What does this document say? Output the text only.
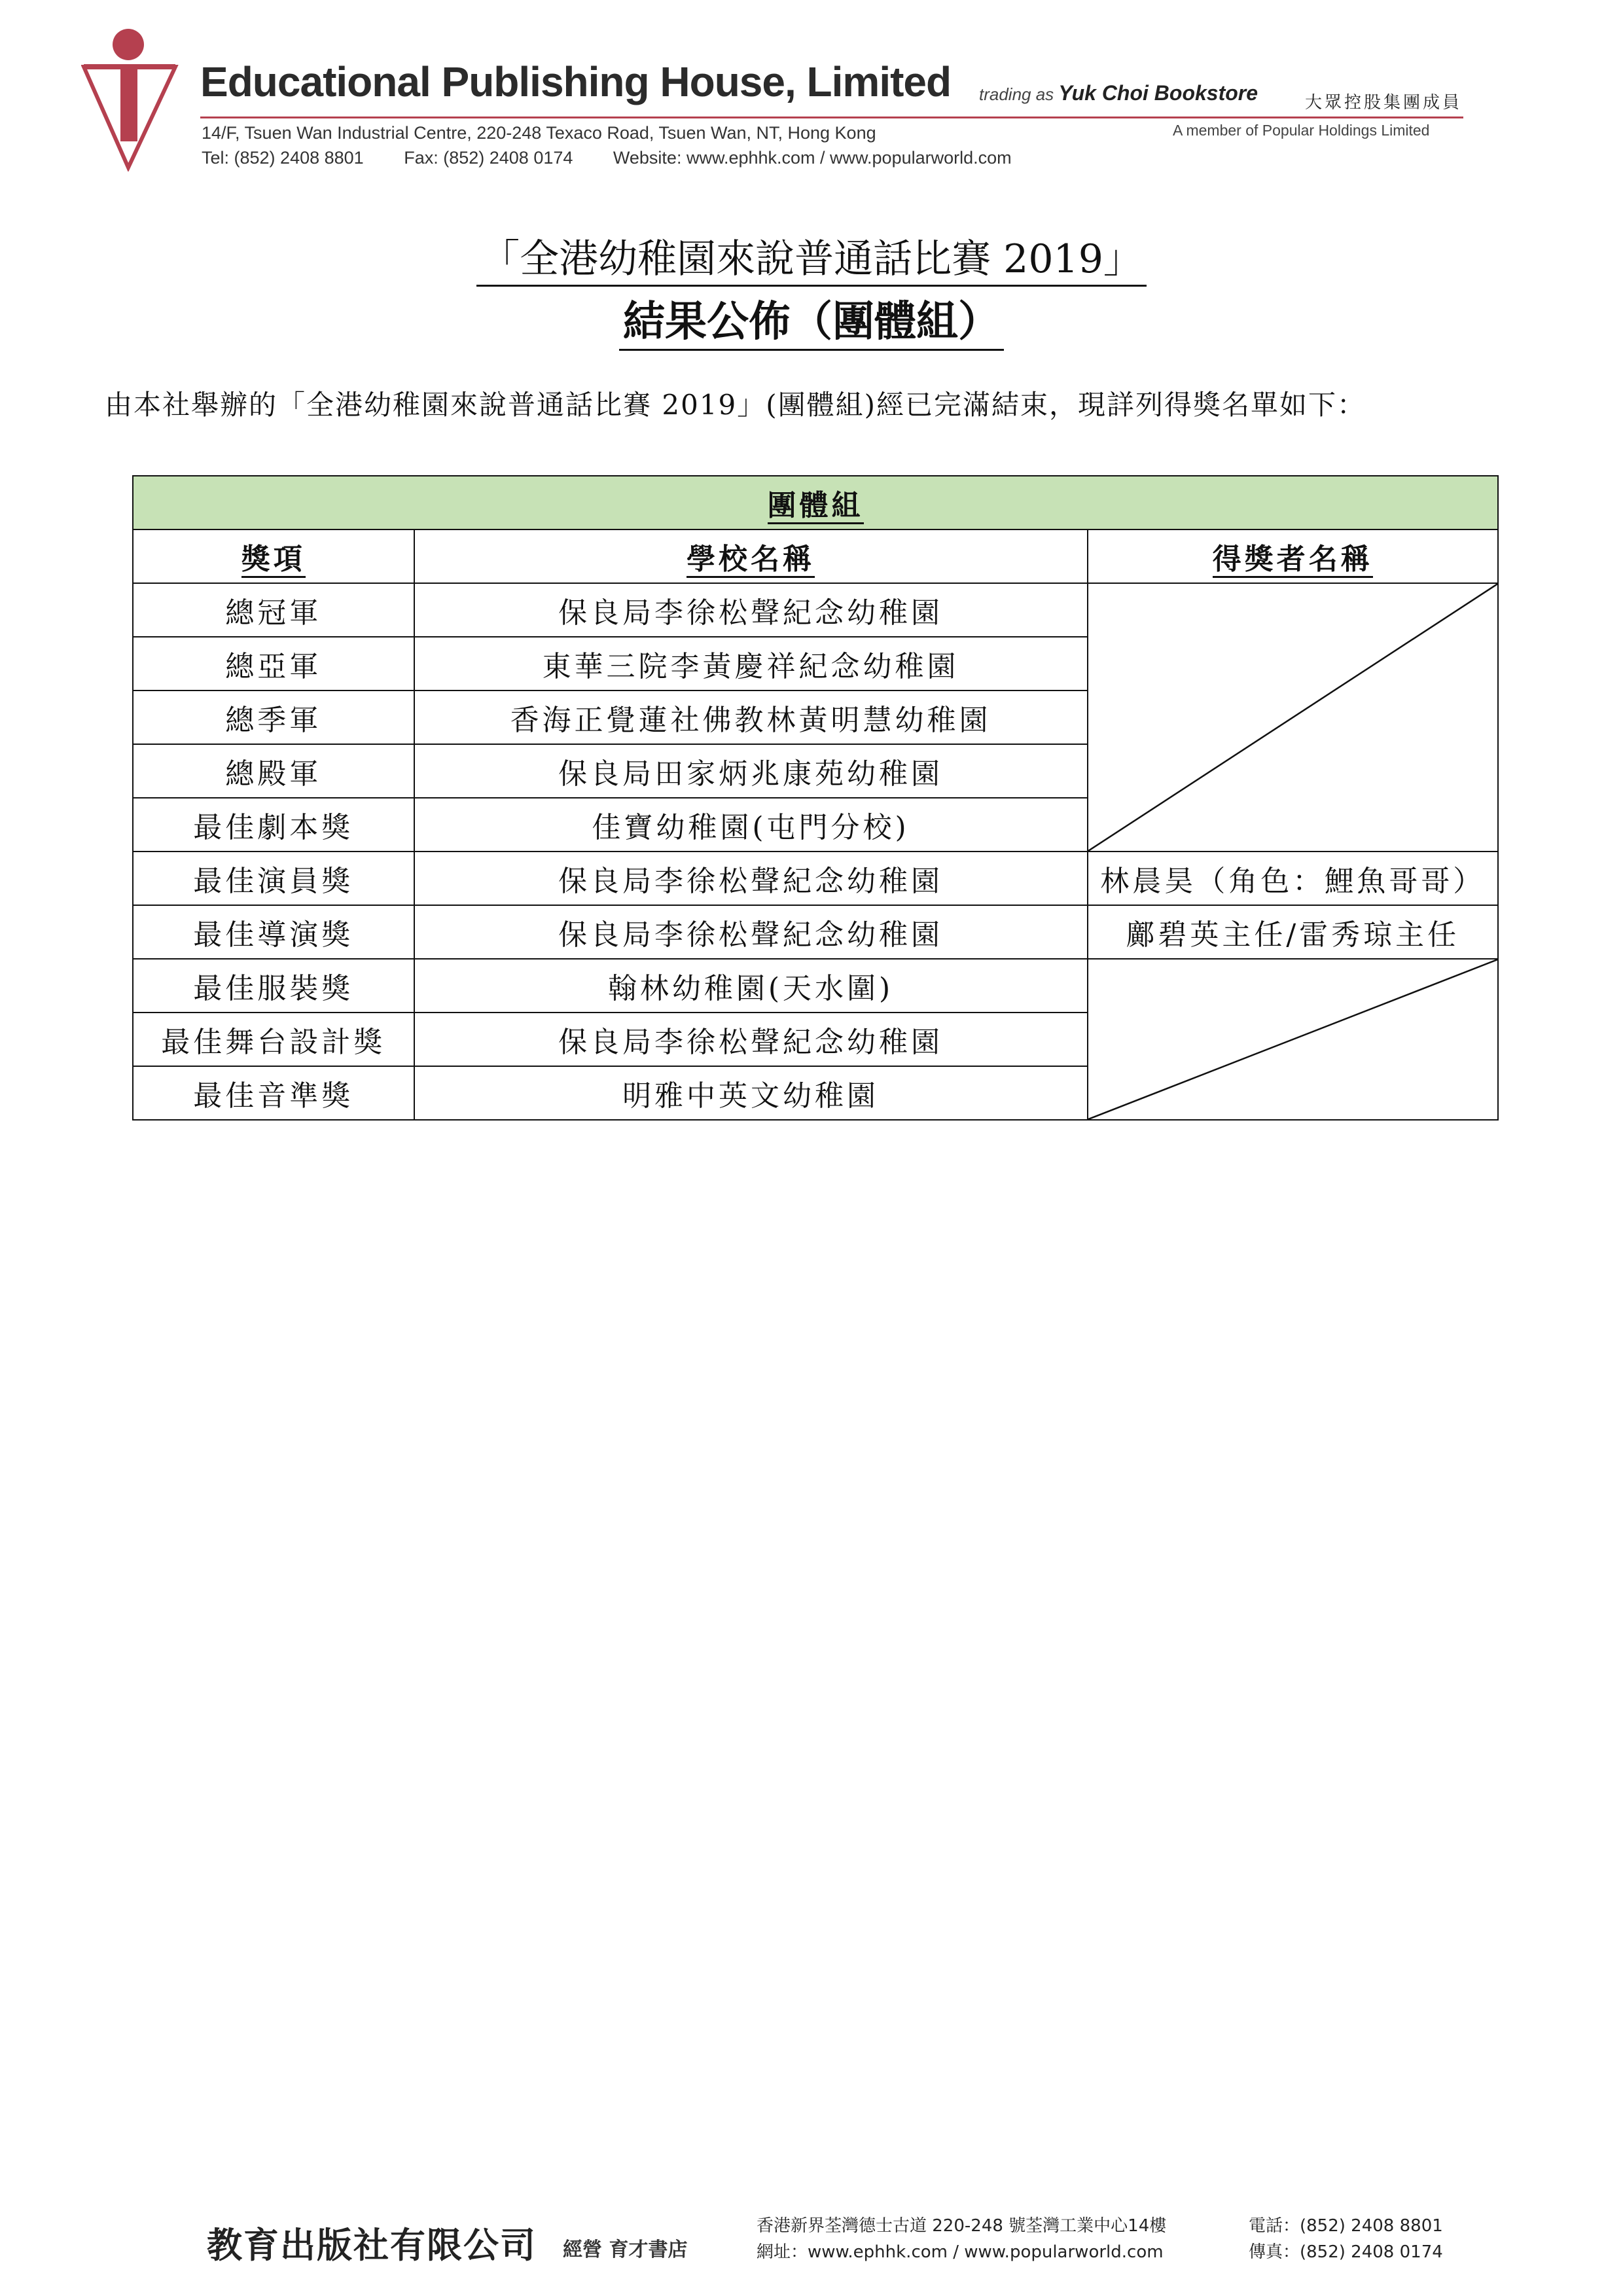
Educational Publishing House, Limited trading as Yuk Choi Bookstore	大眾控股集團成員
14/F, Tsuen Wan Industrial Centre, 220-248 Texaco Road, Tsuen Wan, NT, Hong Kong	A member of Popular Holdings Limited
Tel: (852) 2408 8801 Fax: (852) 2408 0174 Website: www.ephhk.com / www.popularworld.com
「全港幼稚園來說普通話比賽 2019」
結果公佈（團體組）
由本社舉辦的「全港幼稚園來說普通話比賽 2019」(團體組)經已完滿結束，現詳列得獎名單如下：
團體組		
獎項	學校名稱	得獎者名稱
總冠軍	保良局李徐松聲紀念幼稚園	

總亞軍	東華三院李黃慶祥紀念幼稚園	
總季軍	香海正覺蓮社佛教林黃明慧幼稚園	
總殿軍	保良局田家炳兆康苑幼稚園	
最佳劇本獎	佳寶幼稚園(屯門分校)	
最佳演員獎	保良局李徐松聲紀念幼稚園	林晨昊（角色：鯉魚哥哥）
最佳導演獎	保良局李徐松聲紀念幼稚園	鄺碧英主任/雷秀琼主任
最佳服裝獎	翰林幼稚園(天水圍)	

最佳舞台設計獎	保良局李徐松聲紀念幼稚園	
最佳音準獎	明雅中英文幼稚園	
教育出版社有限公司 經營 育才書店
香港新界荃灣德士古道 220-248 號荃灣工業中心14樓
網址：www.ephhk.com / www.popularworld.com
電話：(852) 2408 8801
傳真：(852) 2408 0174
